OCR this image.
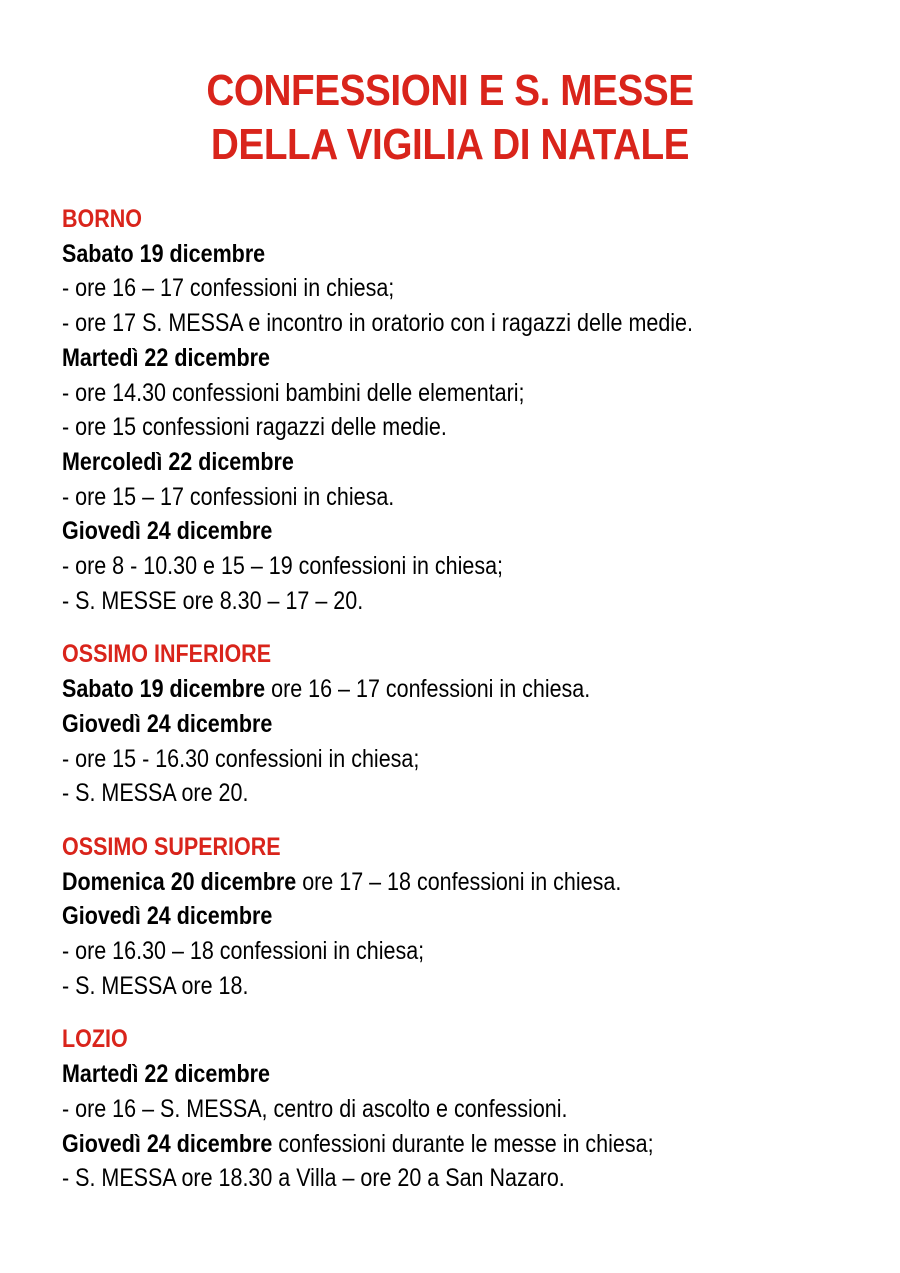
CONFESSIONI E S. MESSE
DELLA VIGILIA DI NATALE
BORNO
Sabato 19 dicembre
- ore 16 – 17 confessioni in chiesa;
- ore 17 S. MESSA e incontro in oratorio con i ragazzi delle medie.
Martedì 22 dicembre
- ore 14.30 confessioni bambini delle elementari;
- ore 15 confessioni ragazzi delle medie.
Mercoledì 22 dicembre
- ore 15 – 17 confessioni in chiesa.
Giovedì 24 dicembre
- ore 8 - 10.30 e 15 – 19 confessioni in chiesa;
- S. MESSE ore 8.30 – 17 – 20.
OSSIMO INFERIORE
Sabato 19 dicembre ore 16 – 17 confessioni in chiesa.
Giovedì 24 dicembre
- ore 15 - 16.30 confessioni in chiesa;
- S. MESSA ore 20.
OSSIMO SUPERIORE
Domenica 20 dicembre ore 17 – 18 confessioni in chiesa.
Giovedì 24 dicembre
- ore 16.30 – 18 confessioni in chiesa;
- S. MESSA ore 18.
LOZIO
Martedì 22 dicembre
- ore 16 – S. MESSA, centro di ascolto e confessioni.
Giovedì 24 dicembre confessioni durante le messe in chiesa;
- S. MESSA ore 18.30 a Villa – ore 20 a San Nazaro.
